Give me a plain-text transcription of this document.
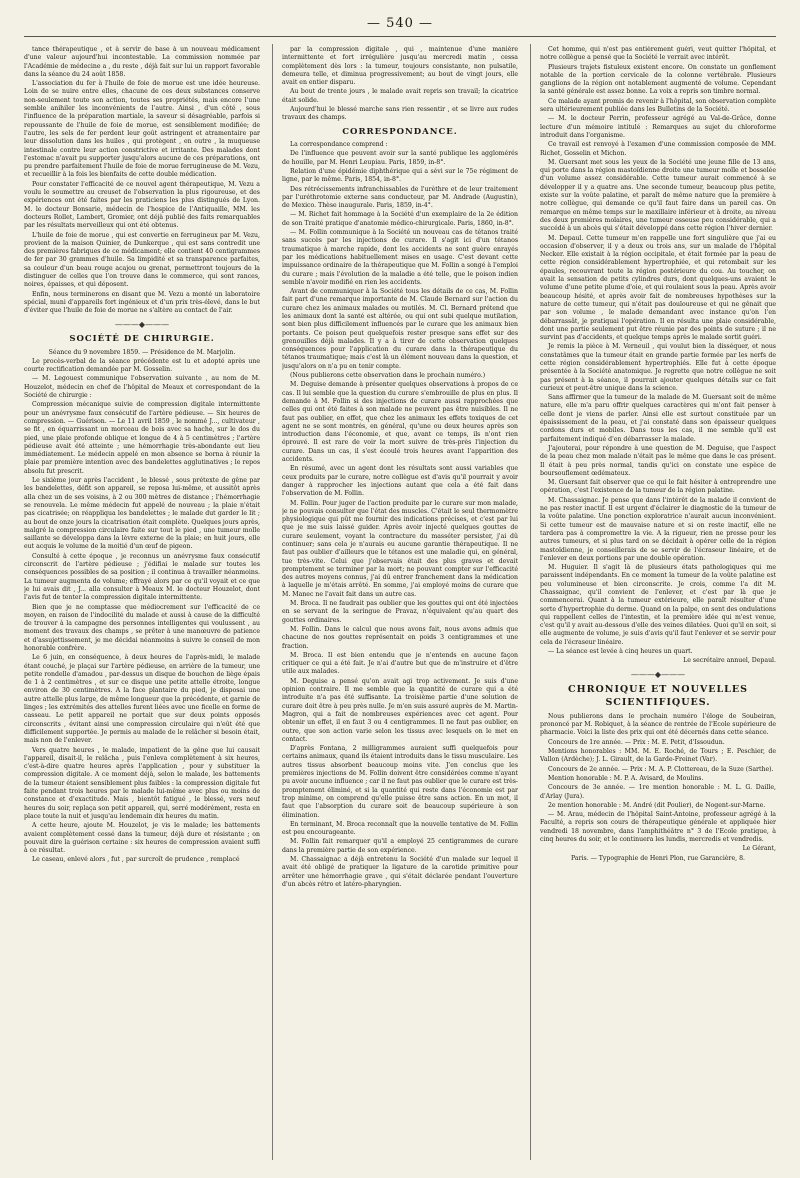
— 540 —

tance thérapeutique , et à servir de base à un nouveau médicament d'une valeur aujourd'hui incontestable. La commission nommée par l'Académie de médecine a , du reste , déjà fait sur lui un rapport favorable dans la séance du 24 août 1858.

L'association du fer à l'huile de foie de morue est une idée heureuse. Loin de se nuire entre elles, chacune de ces deux substances conserve non-seulement toute son action, toutes ses propriétés, mais encore l'une semble anihiler les inconvénients de l'autre. Ainsi , d'un côté , sous l'influence de la préparation martiale, la saveur si désagréable, parfois si repoussante de l'huile de foie de morue, est sensiblement modifiée; de l'autre, les sels de fer perdent leur goût astringent et atramentaire par leur dissolution dans les huiles , qui protègent , en outre , la muqueuse intestinale contre leur action constrictive et irritante. Des malades dont l'estomac n'avait pu supporter jusqu'alors aucune de ces préparations, ont pu prendre parfaitement l'huile de foie de morue ferrugineuse de M. Vezu, et recueillir à la fois les bienfaits de cette double médication.

Pour constater l'efficacité de ce nouvel agent thérapeutique, M. Vezu a voulu le soumettre au creuset de l'observation la plus rigoureuse, et des expériences ont été faites par les praticiens les plus distingués de Lyon. M. le docteur Bonsarie, médecin de l'hospice de l'Antiquaille, MM. les docteurs Rollet, Lambert, Gromier, ont déjà publié des faits remarquables par les résultats merveilleux qui ont été obtenus.

L'huile de foie de morue , qui est convertie en ferrugineux par M. Vezu, provient de la maison Quinier, de Dunkerque , qui est sans contredit une des premières fabriques de ce médicament; elle contient 40 centigrammes de fer par 30 grammes d'huile. Sa limpidité et sa transparence parfaites, sa couleur d'un beau rouge acajou ou grenat, permettront toujours de la distinguer de celles que l'on trouve dans le commerce, qui sont rances, noires, épaisses, et qui déposent.

Enfin, nous terminerons en disant que M. Vezu a monté un laboratoire spécial, muni d'appareils fort ingénieux et d'un prix très-élevé, dans le but d'éviter que l'huile de foie de morue ne s'altère au contact de l'air.

———◆———
SOCIÉTÉ DE CHIRURGIE.

Séance du 9 novembre 1859. — Présidence de M. Marjolin.

Le procès-verbal de la séance précédente est lu et adopté après une courte rectification demandée par M. Gosselin.

— M. Legouest communique l'observation suivante , au nom de M. Houzelot, médecin en chef de l'hôpital de Meaux et correspondant de la Société de chirurgie :

Compression mécanique suivie de compression digitale intermittente pour un anévrysme faux consécutif de l'artère pédieuse. — Six heures de compression. — Guérison. — Le 11 avril 1859 , le nommé J..., cultivateur , se fit , en équarrissant un morceau de bois avec sa hache, sur le dos du pied, une plaie profonde oblique et longue de 4 à 5 centimètres ; l'artère pédieuse avait été atteinte ; une hémorrhagie très-abondante eut lieu immédiatement. Le médecin appelé en mon absence se borna à réunir la plaie par première intention avec des bandelettes agglutinatives ; le repos absolu fut prescrit.

Le sixième jour après l'accident , le blessé , sous prétexte de gêne par les bandelettes, défit son appareil, se reposa lui-même, et aussitôt après alla chez un de ses voisins, à 2 ou 300 mètres de distance ; l'hémorrhagie se renouvela. Le même médecin fut appelé de nouveau ; la plaie n'était pas cicatrisée; on réappliqua les bandelettes ; le malade dut garder le lit ; au bout de onze jours la cicatrisation était complète. Quelques jours après, malgré la compression circulaire faite sur tout le pied , une tumeur molle saillante se développa dans la lèvre externe de la plaie; en huit jours, elle eut acquis le volume de la moitié d'un œuf de pigeon.

Consulté à cette époque , je reconnus un anévrysme faux consécutif circonscrit de l'artère pédieuse ; j'édifiai le malade sur toutes les conséquences possibles de sa position ; il continua à travailler néanmoins. La tumeur augmenta de volume; effrayé alors par ce qu'il voyait et ce que je lui avais dit , J... alla consulter à Meaux M. le docteur Houzelot, dont l'avis fut de tenter la compression digitale intermittente.

Bien que je ne comptasse que médiocrement sur l'efficacité de ce moyen, en raison de l'indocilité du malade et aussi à cause de la difficulté de trouver à la campagne des personnes intelligentes qui voulussent , au moment des travaux des champs , se prêter à une manœuvre de patience et d'assujettissement, je me décidai néanmoins à suivre le conseil de mon honorable confrère.

Le 6 juin, en conséquence, à deux heures de l'après-midi, le malade étant couché, je plaçai sur l'artère pédieuse, en arrière de la tumeur, une petite rondelle d'amadou , par-dessus un disque de bouchon de liège épais de 1 à 2 centimètres , et sur ce disque une petite attelle étroite, longue environ de 30 centimètres. A la face plantaire du pied, je disposai une autre attelle plus large, de même longueur que la précédente, et garnie de linges ; les extrémités des attelles furent liées avec une ficelle en forme de casseau. Le petit appareil ne portait que sur deux points opposés circonscrits , évitant ainsi une compression circulaire qui n'eût été que difficilement supportée. Je permis au malade de le relâcher si besoin était, mais non de l'enlever.

Vers quatre heures , le malade, impatient de la gêne que lui causait l'appareil, disait-il, le relâcha , puis l'enleva complètement à six heures, c'est-à-dire quatre heures après l'application , pour y substituer la compression digitale. A ce moment déjà, selon le malade, les battements de la tumeur étaient sensiblement plus faibles : la compression digitale fut faite pendant trois heures par le malade lui-même avec plus ou moins de constance et d'exactitude. Mais , bientôt fatigué , le blessé, vers neuf heures du soir, replaça son petit appareil, qui, serré modérément, resta en place toute la nuit et jusqu'au lendemain dix heures du matin.

A cette heure, ajoute M. Houzelot, je vis le malade; les battements avaient complètement cessé dans la tumeur, déjà dure et résistante ; on pouvait dire la guérison certaine : six heures de compression avaient suffi à ce résultat.

Le caseau, enlevé alors , fut , par surcroît de prudence , remplacé

par la compression digitale , qui , maintenue d'une manière intermittente et fort irrégulière jusqu'au mercredi matin , cessa complètement dès lors : la tumeur, toujours consistante, non pulsatile, demeura telle, et diminua progressivement; au bout de vingt jours, elle avait en entier disparu.

Au bout de trente jours , le malade avait repris son travail; la cicatrice était solide.

Aujourd'hui le blessé marche sans rien ressentir , et se livre aux rudes travaux des champs.

CORRESPONDANCE.

La correspondance comprend :

De l'influence que peuvent avoir sur la santé publique les agglomérés de houille, par M. Henri Leupiau. Paris, 1859, in-8°.

Relation d'une épidémie diphthérique qui a sévi sur le 75e régiment de ligne, par le même. Paris, 1854, in-8°.

Des rétrécissements infranchissables de l'urèthre et de leur traitement par l'uréthrotomie externe sans conducteur, par M. Andrade (Augustin), de Mexico. Thèse inaugurale. Paris, 1859, in-4°.

— M. Richet fait hommage à la Société d'un exemplaire de la 2e édition de son Traité pratique d'anatomie médico-chirurgicale. Paris, 1860, in-8°.

— M. Follin communique à la Société un nouveau cas de tétanos traité sans succès par les injections de curare. Il s'agit ici d'un tétanos traumatique à marche rapide, dont les accidents ne sont guère enrayés par les médications habituellement mises en usage. C'est devant cette impuissance ordinaire de la thérapeutique que M. Follin a songé à l'emploi du curare ; mais l'évolution de la maladie a été telle, que le poison indien semble n'avoir modifié en rien les accidents.

Avant de communiquer à la Société tous les détails de ce cas, M. Follin fait part d'une remarque importante de M. Claude Bernard sur l'action du curare chez les animaux malades ou mutilés. M. Cl. Bernard prétend que les animaux dont la santé est altérée, ou qui ont subi quelque mutilation, sont bien plus difficilement influencés par le curare que les animaux bien portants. Ce poison peut quelquefois rester presque sans effet sur des grenouilles déjà malades. Il y a à tirer de cette observation quelques conséquences pour l'application du curare dans la thérapeutique du tétanos traumatique; mais c'est là un élément nouveau dans la question, et jusqu'alors on n'a pu en tenir compte.

(Nous publierons cette observation dans le prochain numéro.)

M. Deguise demande à présenter quelques observations à propos de ce cas. Il lui semble que la question du curare s'embrouille de plus en plus. Il demande à M. Follin si des injections de curare aussi rapprochées que celles qui ont été faites à son malade ne peuvent pas être nuisibles. Il ne faut pas oublier, en effet, que chez les animaux les effets toxiques de cet agent ne se sont montrés, en général, qu'une ou deux heures après son introduction dans l'économie, et que, avant ce temps, ils n'ont rien éprouvé. Il est rare de voir la mort suivre de très-près l'injection du curare. Dans un cas, il s'est écoulé trois heures avant l'apparition des accidents.

En résumé, avec un agent dont les résultats sont aussi variables que ceux produits par le curare, notre collègue est d'avis qu'il pourrait y avoir danger à rapprocher les injections autant que cela a été fait dans l'observation de M. Follin.

M. Follin. Pour juger de l'action produite par le curare sur mon malade, je ne pouvais consulter que l'état des muscles. C'était le seul thermomètre physiologique qui pût me fournir des indications précises, et c'est par lui que je me suis laissé guider. Après avoir injecté quelques gouttes de curare seulement, voyant la contracture du masséter persister, j'ai dû continuer; sans cela je n'aurais eu aucune garantie thérapeutique. Il ne faut pas oublier d'ailleurs que le tétanos est une maladie qui, en général, tue très-vite. Celui que j'observais était des plus graves et devait promptement se terminer par la mort; ne pouvant compter sur l'efficacité des autres moyens connus, j'ai dû entrer franchement dans la médication à laquelle je m'étais arrêté. En somme, j'ai employé moins de curare que M. Manec ne l'avait fait dans un autre cas.

M. Broca. Il ne faudrait pas oublier que les gouttes qui ont été injectées en se servant de la seringue de Pravaz, n'équivalent qu'au quart des gouttes ordinaires.

M. Follin. Dans le calcul que nous avons fait, nous avons admis que chacune de nos gouttes représentait en poids 3 centigrammes et une fraction.

M. Broca. Il est bien entendu que je n'entends en aucune façon critiquer ce qui a été fait. Je n'ai d'autre but que de m'instruire et d'être utile aux malades.

M. Deguise a pensé qu'on avait agi trop activement. Je suis d'une opinion contraire. Il me semble que la quantité de curare qui a été introduite n'a pas été suffisante. La troisième partie d'une solution de curare doit être à peu près nulle. Je m'en suis assuré auprès de M. Martin-Magron, qui a fait de nombreuses expériences avec cet agent. Pour obtenir un effet, il en faut 3 ou 4 centigrammes. Il ne faut pas oublier, en outre, que son action varie selon les tissus avec lesquels on le met en contact.

D'après Fontana, 2 milligrammes auraient suffi quelquefois pour certains animaux, quand ils étaient introduits dans le tissu musculaire. Les autres tissus absorbent beaucoup moins vite. J'en conclus que les premières injections de M. Follin doivent être considérées comme n'ayant pu avoir aucune influence ; car il ne faut pas oublier que le curare est très-promptement éliminé, et si la quantité qui reste dans l'économie est par trop minime, on comprend qu'elle puisse être sans action. En un mot, il faut que l'absorption du curare soit de beaucoup supérieure à son élimination.

En terminant, M. Broca reconnaît que la nouvelle tentative de M. Follin est peu encourageante.

M. Follin fait remarquer qu'il a employé 25 centigrammes de curare dans la première partie de son expérience.

M. Chassaignac a déjà entretenu la Société d'un malade sur lequel il avait été obligé de pratiquer la ligature de la carotide primitive pour arrêter une hémorrhagie grave , qui s'était déclarée pendant l'ouverture d'un abcès rétro et latéro-pharyngien.

Cet homme, qui n'est pas entièrement guéri, veut quitter l'hôpital, et notre collègue a pensé que la Société le verrait avec intérêt.

Plusieurs trajets fistuleux existent encore. On constate un gonflement notable de la portion cervicale de la colonne vertébrale. Plusieurs ganglions de la région ont notablement augmenté de volume. Cependant la santé générale est assez bonne. La voix a repris son timbre normal.

Ce malade ayant promis de revenir à l'hôpital, son observation complète sera ultérieurement publiée dans les Bulletins de la Société.

— M. le docteur Perrin, professeur agrégé au Val-de-Grâce, donne lecture d'un mémoire intitulé : Remarques au sujet du chloroforme introduit dans l'organisme.

Ce travail est renvoyé à l'examen d'une commission composée de MM. Richet, Gosselin et Michon.

M. Guersant met sous les yeux de la Société une jeune fille de 13 ans, qui porte dans la région mastoïdienne droite une tumeur molle et bosselée d'un volume assez considérable. Cette tumeur aurait commencé à se développer il y a quatre ans. Une seconde tumeur, beaucoup plus petite, existe sur la voûte palatine, et paraît de même nature que la première à notre collègue, qui demande ce qu'il faut faire dans un pareil cas. On remarque en même temps sur le maxillaire inférieur et à droite, au niveau des deux premières molaires, une tumeur osseuse peu considérable, qui a succédé à un abcès qui s'était développé dans cette région l'hiver dernier.

M. Depaul. Cette tumeur m'en rappelle une fort singulière que j'ai eu occasion d'observer, il y a deux ou trois ans, sur un malade de l'hôpital Necker. Elle existait à la région occipitale, et était formée par la peau de cette région considérablement hypertrophiée, et qui retombait sur les épaules, recouvrant toute la région postérieure du cou. Au toucher, on avait la sensation de petits cylindres durs, dont quelques-uns avaient le volume d'une petite plume d'oie, et qui roulaient sous la peau. Après avoir beaucoup hésité, et après avoir fait de nombreuses hypothèses sur la nature de cette tumeur, qui n'était pas douloureuse et qui ne gênait que par son volume , le malade demandant avec instance qu'on l'en débarrassât, je pratiquai l'opération. Il en résulta une plaie considérable, dont une partie seulement put être réunie par des points de suture ; il ne survint pas d'accidents, et quelque temps après le malade sortit guéri.

Je remis la pièce à M. Verneuil , qui voulut bien la disséquer, et nous constatâmes que la tumeur était en grande partie formée par les nerfs de cette région considérablement hypertrophiés. Elle fut à cette époque présentée à la Société anatomique. Je regrette que notre collègue ne soit pas présent à la séance, il pourrait ajouter quelques détails sur ce fait curieux et peut-être unique dans la science.

Sans affirmer que la tumeur de la malade de M. Guersant soit de même nature, elle m'a paru offrir quelques caractères qui m'ont fait penser à celle dont je viens de parler. Ainsi elle est surtout constituée par un épaississement de la peau, et j'ai constaté dans son épaisseur quelques cordons durs et mobiles. Dans tous les cas, il me semble qu'il est parfaitement indiqué d'en débarrasser la malade.

J'ajouterai, pour répondre à une question de M. Deguise, que l'aspect de la peau chez mon malade n'était pas le même que dans le cas présent. Il était à peu près normal, tandis qu'ici on constate une espèce de boursouflement œdémateux.

M. Guersant fait observer que ce qui le fait hésiter à entreprendre une opération, c'est l'existence de la tumeur de la région palatine.

M. Chassaignac. Je pense que dans l'intérêt de la malade il convient de ne pas rester inactif. Il est urgent d'éclairer le diagnostic de la tumeur de la voûte palatine. Une ponction exploratrice n'aurait aucun inconvénient. Si cette tumeur est de mauvaise nature et si on reste inactif, elle ne tardera pas à compromettre la vie. A la rigueur, rien ne presse pour les autres tumeurs, et si plus tard on se décidait à opérer celle de la région mastoïdienne, je conseillerais de se servir de l'écraseur linéaire, et de l'enlever en deux portions par une double opération.

M. Huguier. Il s'agit là de plusieurs états pathologiques qui me paraissent indépendants. En ce moment la tumeur de la voûte palatine est peu volumineuse et bien circonscrite. Je crois, comme l'a dit M. Chassaignac, qu'il convient de l'enlever, et c'est par là que je commencerai. Quant à la tumeur extérieure, elle paraît résulter d'une sorte d'hypertrophie du derme. Quand on la palpe, on sent des ondulations qui rappellent celles de l'intestin, et la première idée qui m'est venue, c'est qu'il y avait au-dessous d'elle des veines dilatées. Quoi qu'il en soit, si elle augmente de volume, je suis d'avis qu'il faut l'enlever et se servir pour cela de l'écraseur linéaire.

— La séance est levée à cinq heures un quart.

Le secrétaire annuel, Depaul.

———◆———
CHRONIQUE ET NOUVELLES SCIENTIFIQUES.

Nous publierons dans le prochain numéro l'éloge de Soubeiran, prononcé par M. Robiquet, à la séance de rentrée de l'Ecole supérieure de pharmacie. Voici la liste des prix qui ont été décernés dans cette séance.

Concours de 1re année. — Prix : M. E. Petit, d'Issoudun.

Mentions honorables : MM. M. E. Roché, de Tours ; E. Peschier, de Vallon (Ardèche); J. L. Girault, de la Garde-Freinet (Var).

Concours de 2e année. — Prix : M. A. P. Clottereau, de la Suze (Sarthe).

Mention honorable : M. P. A. Avisard, de Moulins.

Concours de 3e année. — 1re mention honorable : M. L. G. Daille, d'Arlay (Jura).

2e mention honorable : M. André (dit Poulier), de Nogent-sur-Marne.

— M. Arau, médecin de l'hôpital Saint-Antoine, professeur agrégé à la Faculté, a repris son cours de thérapeutique générale et appliquée hier vendredi 18 novembre, dans l'amphithéâtre n° 3 de l'Ecole pratique, à cinq heures du soir, et le continuera les lundis, mercredis et vendredis.

Le Gérant,

Paris. — Typographie de Henri Plon, rue Garancière, 8.
